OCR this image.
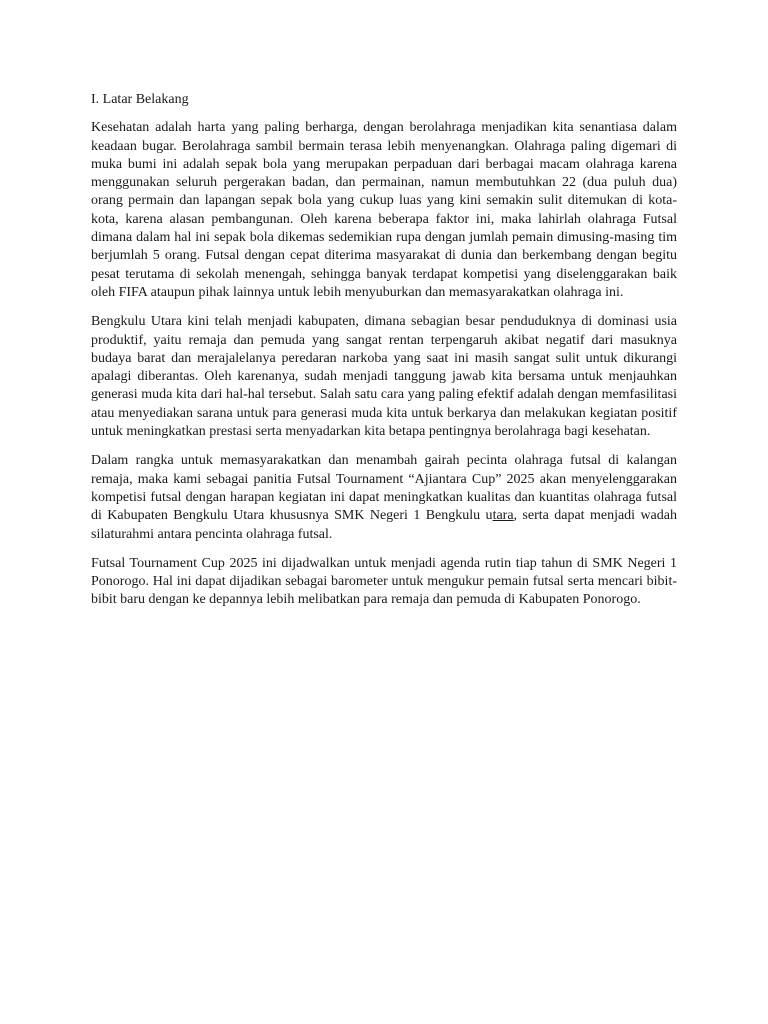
I. Latar Belakang

Kesehatan adalah harta yang paling berharga, dengan berolahraga menjadikan kita senantiasa dalam keadaan bugar. Berolahraga sambil bermain terasa lebih menyenangkan. Olahraga paling digemari di muka bumi ini adalah sepak bola yang merupakan perpaduan dari berbagai macam olahraga karena menggunakan seluruh pergerakan badan, dan permainan, namun membutuhkan 22 (dua puluh dua) orang permain dan lapangan sepak bola yang cukup luas yang kini semakin sulit ditemukan di kota-kota, karena alasan pembangunan. Oleh karena beberapa faktor ini, maka lahirlah olahraga Futsal dimana dalam hal ini sepak bola dikemas sedemikian rupa dengan jumlah pemain dimusing-masing tim berjumlah 5 orang. Futsal dengan cepat diterima masyarakat di dunia dan berkembang dengan begitu pesat terutama di sekolah menengah, sehingga banyak terdapat kompetisi yang diselenggarakan baik oleh FIFA ataupun pihak lainnya untuk lebih menyuburkan dan memasyarakatkan olahraga ini.

Bengkulu Utara kini telah menjadi kabupaten, dimana sebagian besar penduduknya di dominasi usia produktif, yaitu remaja dan pemuda yang sangat rentan terpengaruh akibat negatif dari masuknya budaya barat dan merajalelanya peredaran narkoba yang saat ini masih sangat sulit untuk dikurangi apalagi diberantas. Oleh karenanya, sudah menjadi tanggung jawab kita bersama untuk menjauhkan generasi muda kita dari hal-hal tersebut. Salah satu cara yang paling efektif adalah dengan memfasilitasi atau menyediakan sarana untuk para generasi muda kita untuk berkarya dan melakukan kegiatan positif untuk meningkatkan prestasi serta menyadarkan kita betapa pentingnya berolahraga bagi kesehatan.

Dalam rangka untuk memasyarakatkan dan menambah gairah pecinta olahraga futsal di kalangan remaja, maka kami sebagai panitia Futsal Tournament “Ajiantara Cup” 2025 akan menyelenggarakan kompetisi futsal dengan harapan kegiatan ini dapat meningkatkan kualitas dan kuantitas olahraga futsal di Kabupaten Bengkulu Utara khususnya SMK Negeri 1 Bengkulu utara, serta dapat menjadi wadah silaturahmi antara pencinta olahraga futsal.

Futsal Tournament Cup 2025 ini dijadwalkan untuk menjadi agenda rutin tiap tahun di SMK Negeri 1 Ponorogo. Hal ini dapat dijadikan sebagai barometer untuk mengukur pemain futsal serta mencari bibit-bibit baru dengan ke depannya lebih melibatkan para remaja dan pemuda di Kabupaten Ponorogo.
